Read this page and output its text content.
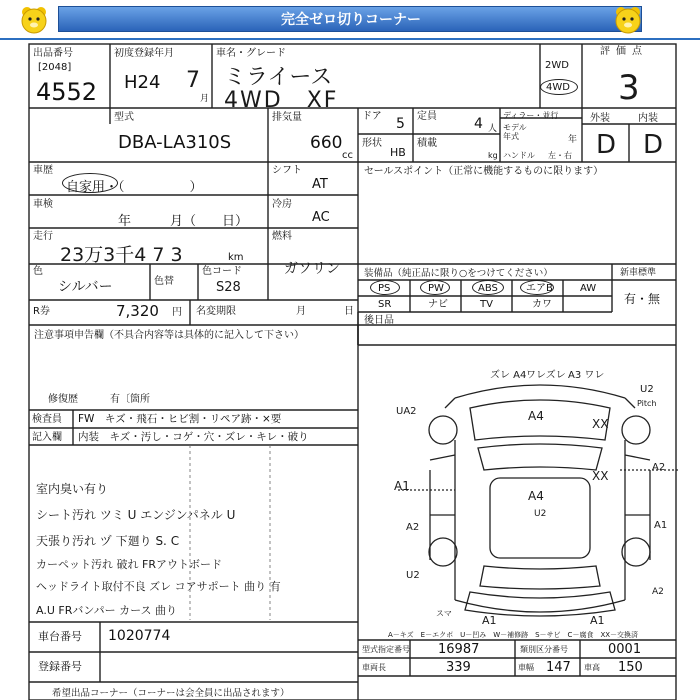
完全ゼロ切りコーナー
出品番号
[2048]
4552
初度登録年月
H24 7
月
車名・グレード
ミライース
4WD　XF
2WD
4WD
評価点
3
型式
DBA-LA310S
排気量
660
cc
ドア 5 定員	4 人
形状
HB
積載
kg
ディラー・並行
モデル年式	年
ハンドル 左・右
外装	内装
D D
車歴
自家用・（　　　　　）
シフト
AT
車検
年　　　月（　　日）
冷房
AC
走行
23万3千4 7 3	km
燃料
ガソリン
色
シルバー	色替
色コード
S28
R券	7,320 円 名変期限	月	日
セールスポイント（正常に機能するものに限ります）
装備品（純正品に限り○をつけてください）	新車標準
有・無
PS	PW	ABS	エアB	AW
SR	ナビ	TV	カワ
後日品
注意事項申告欄（不具合内容等は具体的に記入して下さい）
修復歴	有〔箇所
検査員
記入欄
FW　キズ・飛石・ヒビ割・リペア跡・×要
内装　キズ・汚し・コゲ・穴・ズレ・キレ・破り
室内臭い有り
シート汚れ ツミ U エンジンパネル U
天張り汚れ ヅ 下廻り S. C
カーペット汚れ 破れ FRアウトボード
ヘッドライト取付不良 ズレ コアサポート 曲り 有
A.U FRバンパー カース 曲り
車台番号 1020774
登録番号
希望出品コーナー（コーナーは会全員に出品されます）
A－キズ　E－エクボ　U－凹み　W－補修跡　S－サビ　C－腐食　XX－交換済
型式指定番号 16987	類別区分番号	0001
車両長	339	車幅 147 車高 150
ズレ A4 ワレズレ A3 ワレ
U2
Pitch
UA2	A4
XX
A2
XX
A1
A4
U2
A2	A1
U2
A2
A1	A1
スマ
